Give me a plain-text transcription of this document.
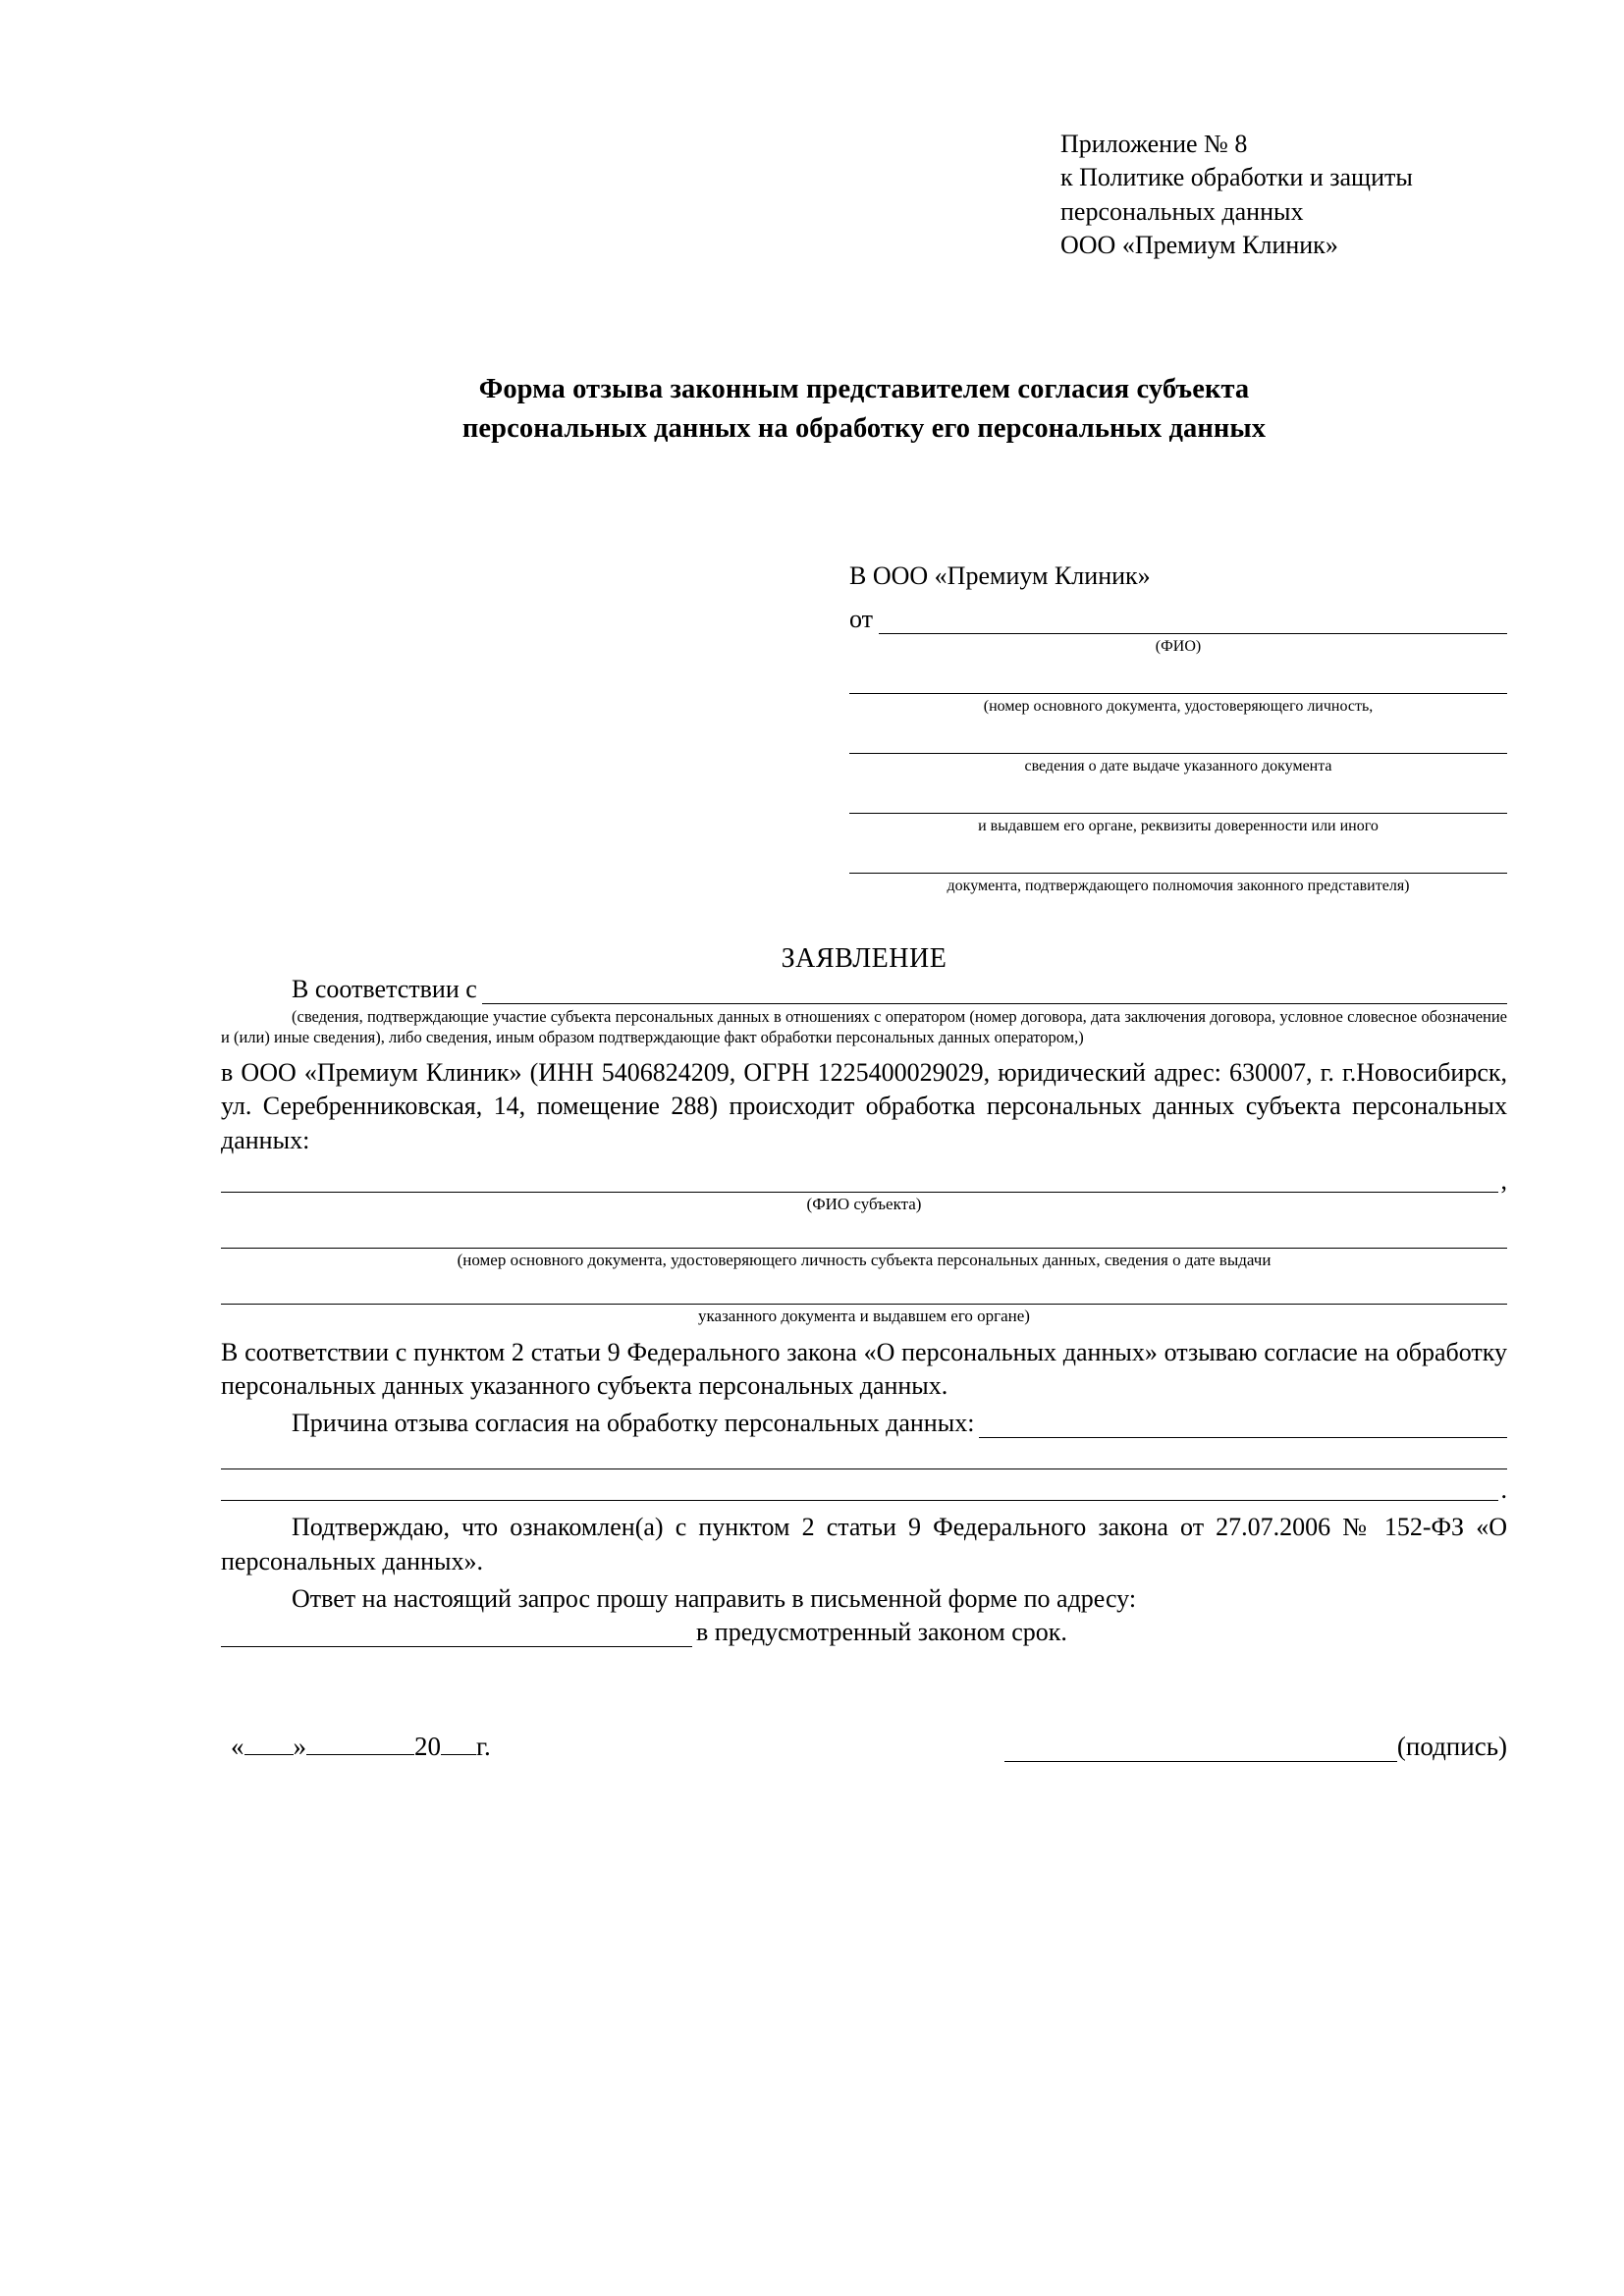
Приложение № 8
к Политике обработки и защиты
персональных данных
ООО «Премиум Клиник»
Форма отзыва законным представителем согласия субъекта
персональных данных на обработку его персональных данных
В ООО «Премиум Клиник»
от
(ФИО)
(номер основного документа, удостоверяющего личность,
сведения о дате выдаче указанного документа
и выдавшем его органе, реквизиты доверенности или иного
документа, подтверждающего полномочия законного представителя)
ЗАЯВЛЕНИЕ
В соответствии с
(сведения, подтверждающие участие субъекта персональных данных в отношениях с оператором (номер договора, дата заключения договора, условное словесное обозначение и (или) иные сведения), либо сведения, иным образом подтверждающие факт обработки персональных данных оператором,)
в ООО «Премиум Клиник» (ИНН 5406824209, ОГРН 1225400029029, юридический адрес: 630007, г. г.Новосибирск, ул. Серебренниковская, 14, помещение 288) происходит обработка персональных данных субъекта персональных данных:
,
(ФИО субъекта)
(номер основного документа, удостоверяющего личность субъекта персональных данных, сведения о дате выдачи
указанного документа и выдавшем его органе)
В соответствии с пунктом 2 статьи 9 Федерального закона «О персональных данных» отзываю согласие на обработку персональных данных указанного субъекта персональных данных.
Причина отзыва согласия на обработку персональных данных:
.
Подтверждаю, что ознакомлен(а) с пунктом 2 статьи 9 Федерального закона от 27.07.2006 № 152-ФЗ «О персональных данных».
Ответ на настоящий запрос прошу направить в письменной форме по адресу:
в предусмотренный законом срок.
« »	20 г.	(подпись)
